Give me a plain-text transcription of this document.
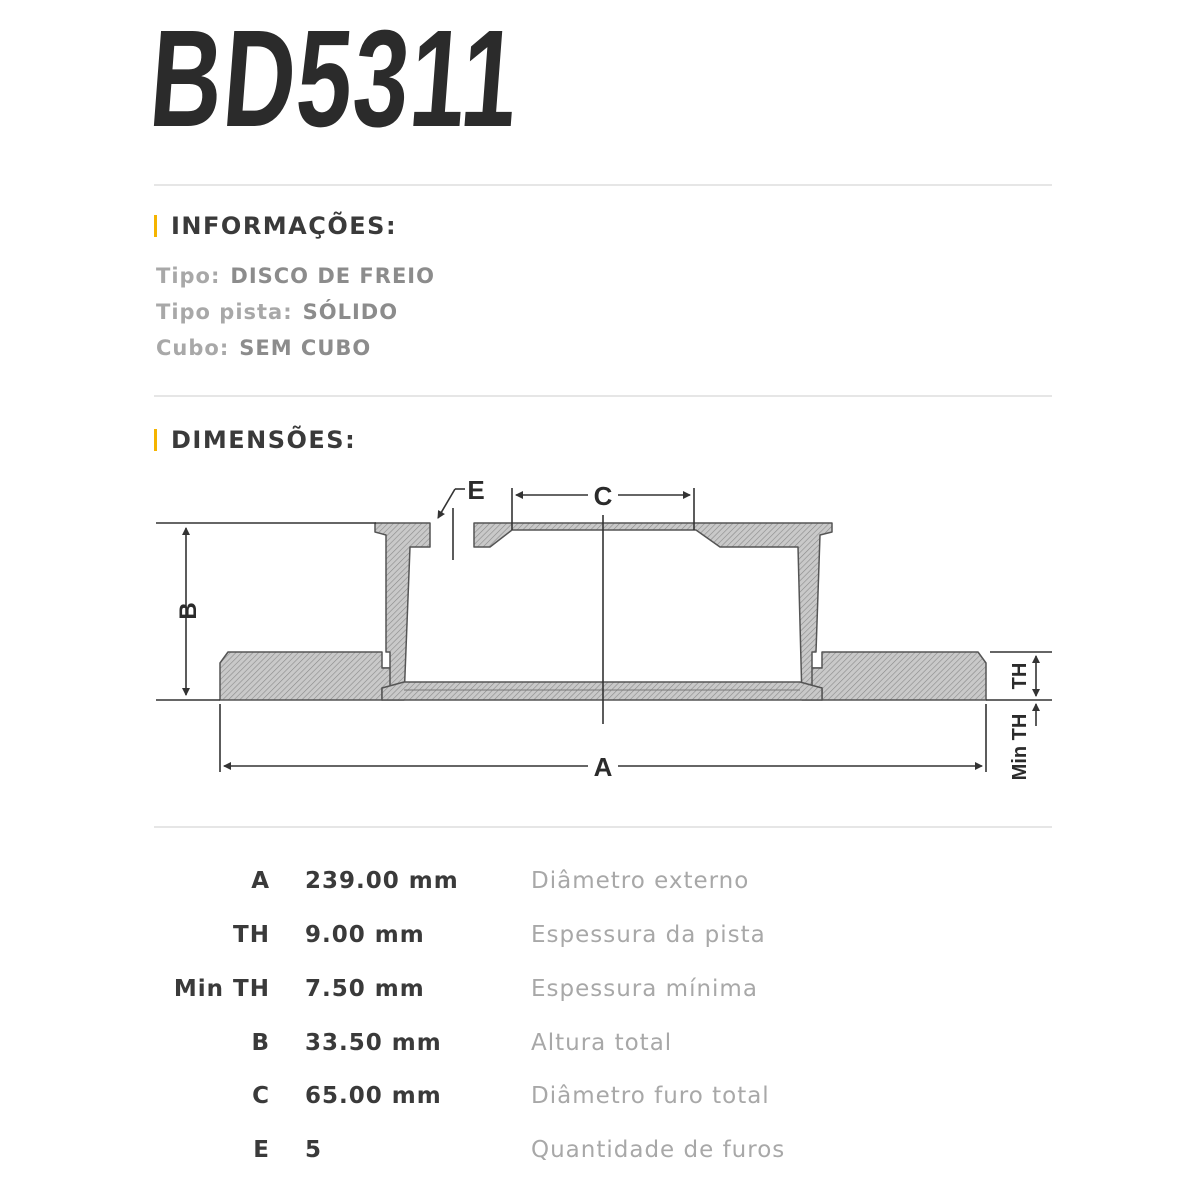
BD5311
INFORMAÇÕES:
Tipo: DISCO DE FREIO
Tipo pista: SÓLIDO
Cubo: SEM CUBO
DIMENSÕES:
C
E
A
B
TH
Min TH
A 239.00 mm	Diâmetro externo
TH 9.00 mm	Espessura da pista
Min TH 7.50 mm	Espessura mínima
B 33.50 mm	Altura total
C 65.00 mm	Diâmetro furo total
E 5	Quantidade de furos
